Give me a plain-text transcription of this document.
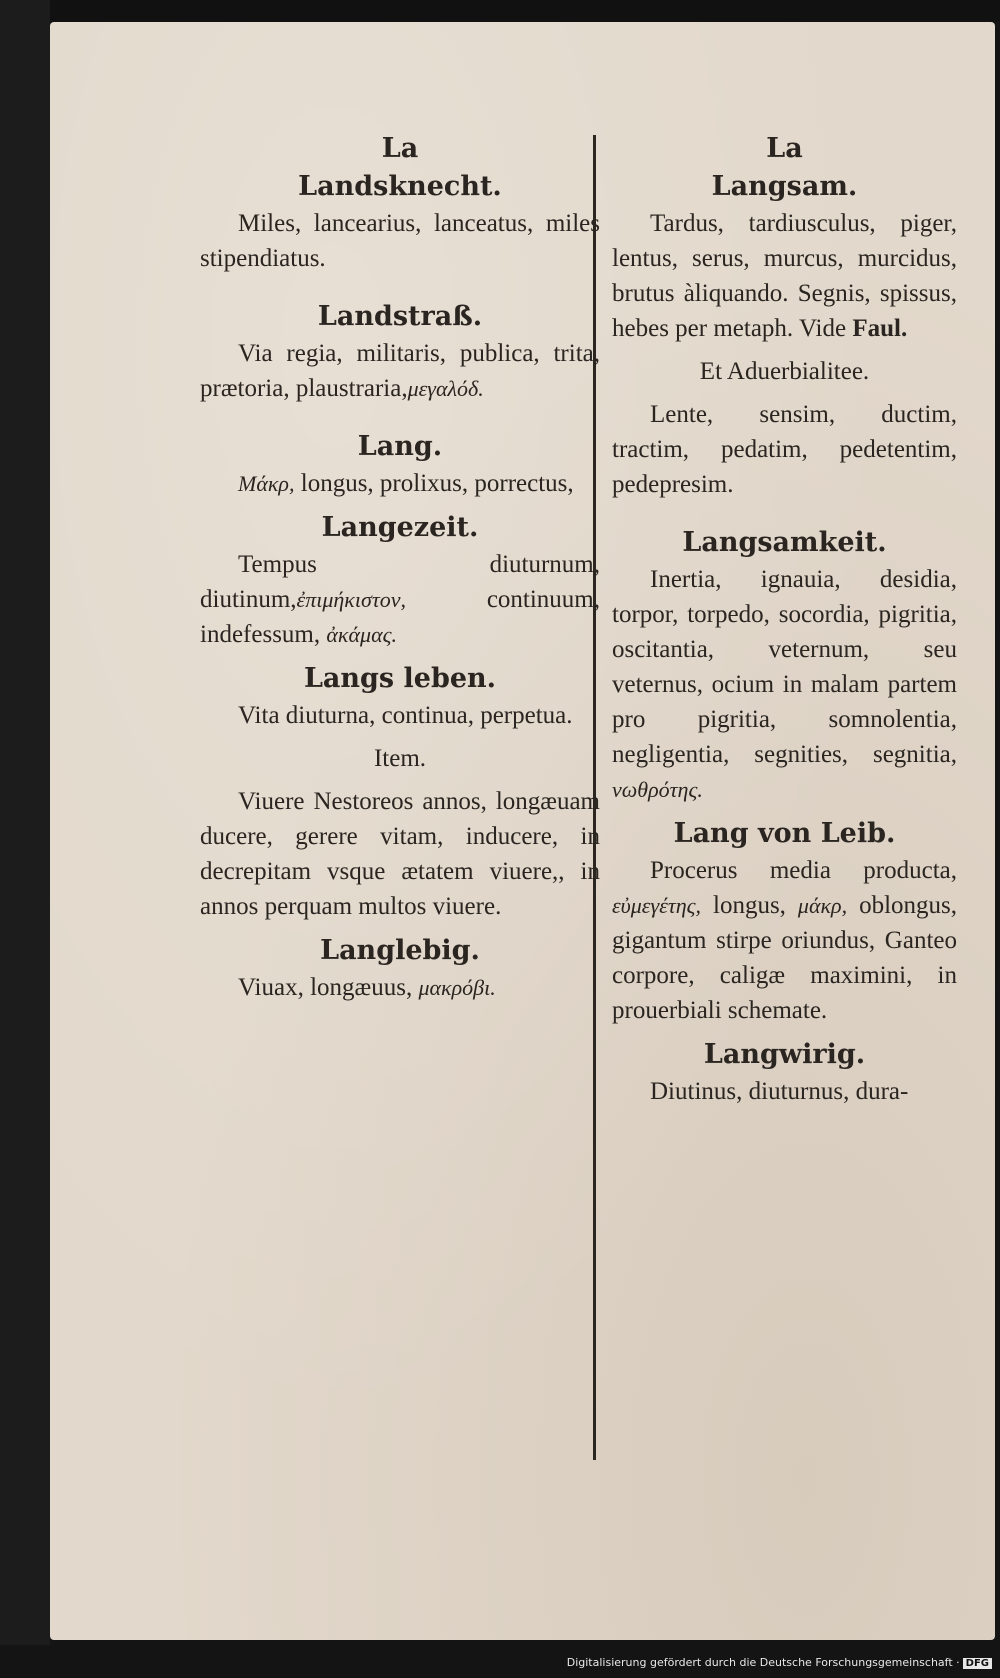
La

Landsknecht.

Miles, lancearius, lanceatus, miles stipendiatus.

Landstraß.

Via regia, militaris, publica, trita, prætoria, plaustraria,μεγαλόδ.

Lang.

Μάκρ, longus, prolixus, porrectus,

Langezeit.

Tempus diuturnum, diutinum,ἐπιμήκιστον,	continuum, indefessum, ἀκάμας.

Langs leben.

Vita diuturna, continua, perpetua.

Item.

Viuere Nestoreos annos, longæuam ducere, gerere vitam, inducere, in decrepitam vsque ætatem viuere,, in annos perquam multos viuere.

Langlebig.

Viuax, longæuus, μακρόβι.

La

Langsam.

Tardus, tardiusculus, piger, lentus, serus, murcus, murcidus, brutus àliquando. Segnis, spissus, hebes per metaph. Vide Faul.

Et Aduerbialitee.

Lente, sensim, ductim, tractim, pedatim, pedetentim, pedepresim.

Langsamkeit.

Inertia, ignauia, desidia, torpor, torpedo, socordia, pigritia, oscitantia, veternum, seu veternus, ocium in malam partem pro pigritia, somnolentia, negligentia, segnities, segnitia, νωθρότης.

Lang von Leib.

Procerus media producta, εὐμεγέτης, longus, μάκρ, oblongus, gigantum stirpe oriundus, Ganteo corpore, caligæ maximini, in prouerbiali schemate.

Langwirig.

Diutinus, diuturnus, dura-

Digitalisierung gefördert durch die Deutsche Forschungsgemeinschaft · DFG
